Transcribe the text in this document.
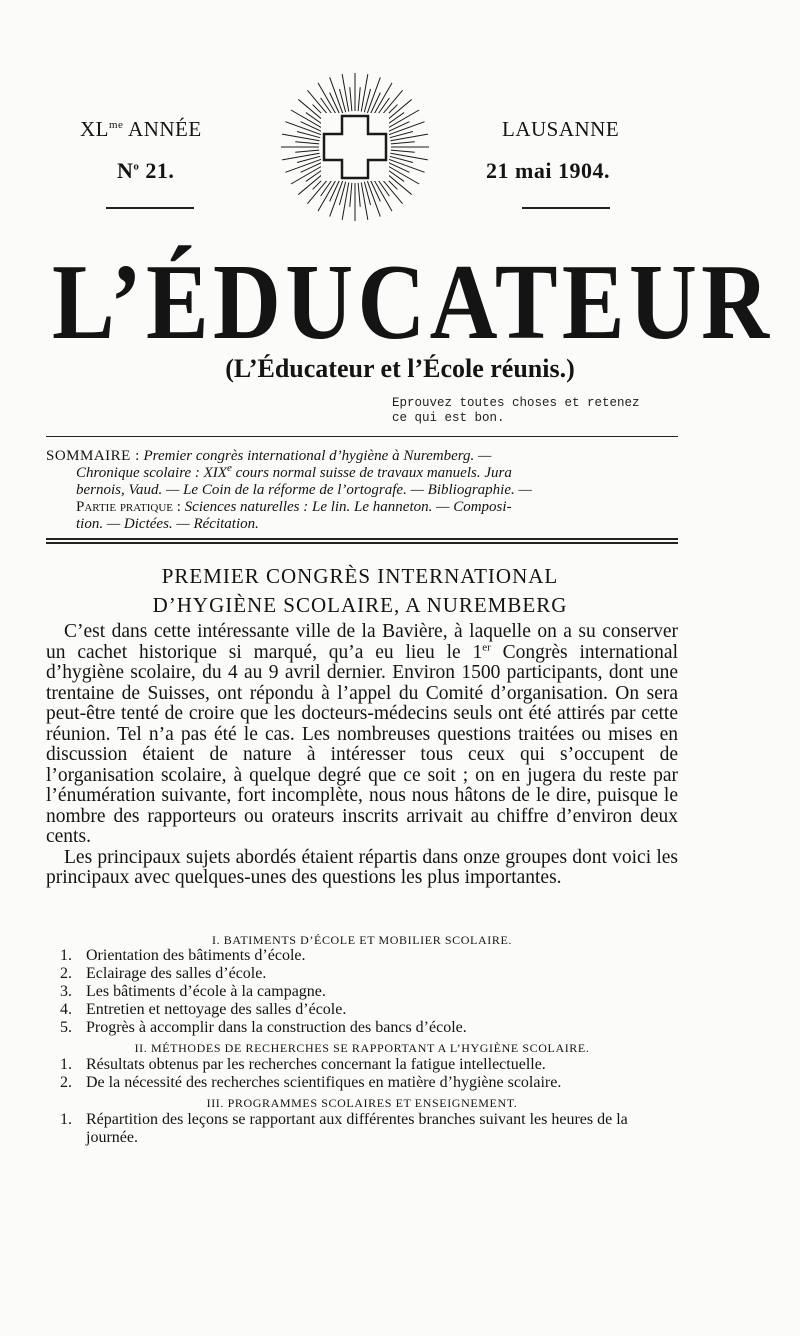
$XL^{me}$ ANNÉE
$N^o$ 21.
LAUSANNE
21 mai 1904.
L’ÉDUCATEUR
(L’Éducateur et l’École réunis.)
Eprouvez toutes choses et retenez
ce qui est bon.
SOMMAIRE : Premier congrès international d’hygiène à Nuremberg. —
Chronique scolaire : XIXe cours normal suisse de travaux manuels. Jura
bernois, Vaud. — Le Coin de la réforme de l’ortografe. — Bibliographie. —
Partie pratique : Sciences naturelles : Le lin. Le hanneton. — Composi-
tion. — Dictées. — Récitation.
PREMIER CONGRÈS INTERNATIONAL
D’HYGIÈNE SCOLAIRE, A NUREMBERG

C’est dans cette intéressante ville de la Bavière, à laquelle on a su conserver un cachet historique si marqué, qu’a eu lieu le 1er Congrès international d’hygiène scolaire, du 4 au 9 avril dernier. Environ 1500 participants, dont une trentaine de Suisses, ont répondu à l’appel du Comité d’organisation. On sera peut-être tenté de croire que les docteurs-médecins seuls ont été attirés par cette réunion. Tel n’a pas été le cas. Les nombreuses questions traitées ou mises en discussion étaient de nature à intéresser tous ceux qui s’occupent de l’organisation scolaire, à quelque degré que ce soit ; on en jugera du reste par l’énumération suivante, fort incomplète, nous nous hâtons de le dire, puisque le nombre des rapporteurs ou orateurs inscrits arrivait au chiffre d’environ deux cents.

Les principaux sujets abordés étaient répartis dans onze groupes dont voici les principaux avec quelques-unes des questions les plus importantes.

I. BATIMENTS D’ÉCOLE ET MOBILIER SCOLAIRE.
1. Orientation des bâtiments d’école.
2. Eclairage des salles d’école.
3. Les bâtiments d’école à la campagne.
4. Entretien et nettoyage des salles d’école.
5. Progrès à accomplir dans la construction des bancs d’école.
II. MÉTHODES DE RECHERCHES SE RAPPORTANT A L’HYGIÈNE SCOLAIRE.
1. Résultats obtenus par les recherches concernant la fatigue intellectuelle.
2. De la nécessité des recherches scientifiques en matière d’hygiène scolaire.
III. PROGRAMMES SCOLAIRES ET ENSEIGNEMENT.
1. Répartition des leçons se rapportant aux différentes branches suivant les heures de la journée.
